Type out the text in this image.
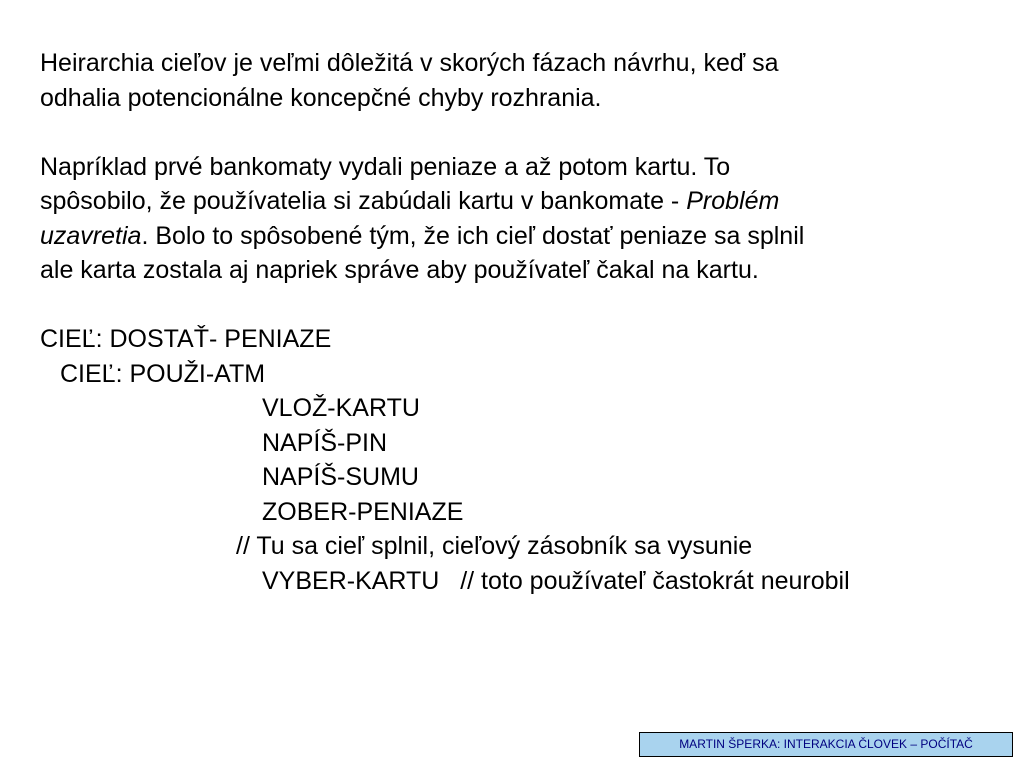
Heirarchia cieľov je veľmi dôležitá v skorých fázach návrhu, keď sa
odhalia potencionálne koncepčné chyby rozhrania.
Napríklad prvé bankomaty vydali peniaze a až potom kartu. To
spôsobilo, že používatelia si zabúdali kartu v bankomate - Problém
uzavretia. Bolo to spôsobené tým, že ich cieľ dostať peniaze sa splnil
ale karta zostala aj napriek správe aby používateľ čakal na kartu.
CIEĽ: DOSTAŤ- PENIAZE
CIEĽ: POUŽI-ATM
VLOŽ-KARTU
NAPÍŠ-PIN
NAPÍŠ-SUMU
ZOBER-PENIAZE
// Tu sa cieľ splnil, cieľový zásobník sa vysunie
VYBER-KARTU   // toto používateľ častokrát neurobil
MARTIN ŠPERKA: INTERAKCIA ČLOVEK – POČÍTAČ
